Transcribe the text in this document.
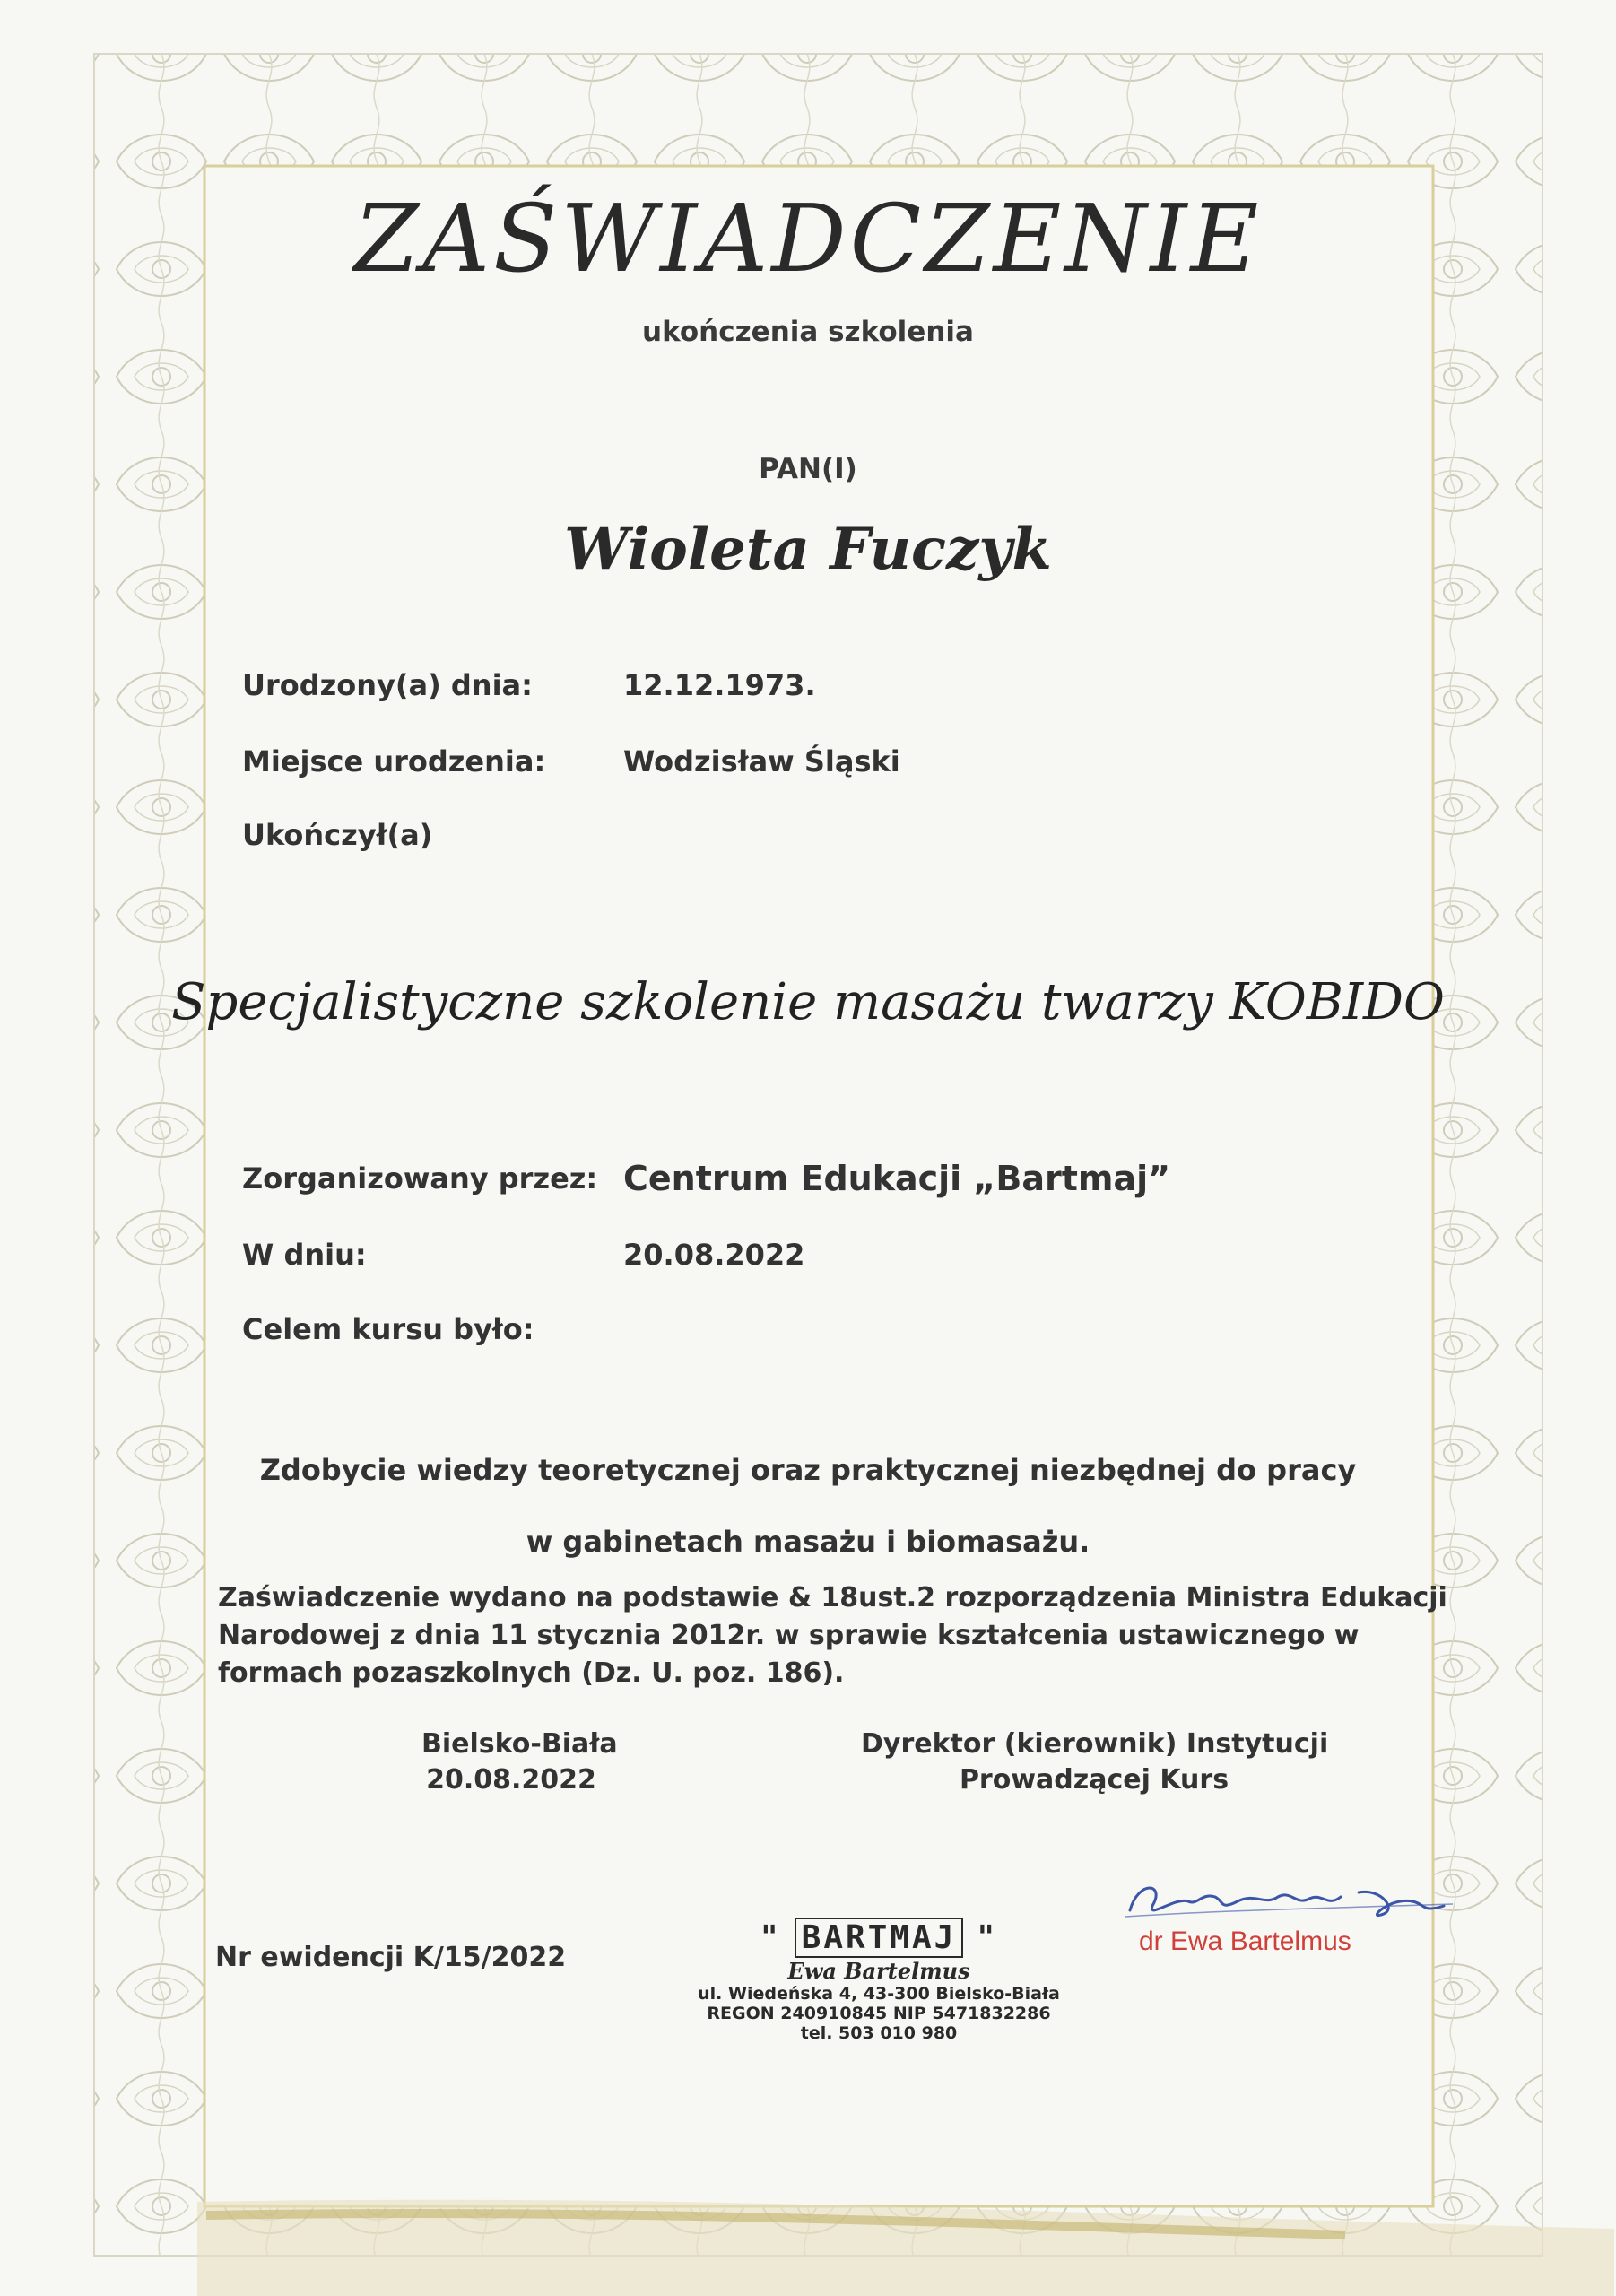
ZAŚWIADCZENIE
ukończenia szkolenia
PAN(I)
Wioleta Fuczyk
Urodzony(a) dnia:	12.12.1973.
Miejsce urodzenia:	Wodzisław Śląski
Ukończył(a)
Specjalistyczne szkolenie masażu twarzy KOBIDO
Zorganizowany przez: Centrum Edukacji „Bartmaj”
W dniu:	20.08.2022
Celem kursu było:
Zdobycie wiedzy teoretycznej oraz praktycznej niezbędnej do pracy
w gabinetach masażu i biomasażu.
Zaświadczenie wydano na podstawie & 18ust.2 rozporządzenia Ministra Edukacji
Narodowej z dnia 11 stycznia 2012r. w sprawie kształcenia ustawicznego w
formach pozaszkolnych (Dz. U. poz. 186).
Bielsko-Biała
20.08.2022
Dyrektor (kierownik) Instytucji
Prowadzącej Kurs
dr Ewa Bartelmus
Nr ewidencji K/15/2022
" BARTMAJ "
Ewa Bartelmus
ul. Wiedeńska 4, 43-300 Bielsko-Biała
REGON 240910845 NIP 5471832286
tel. 503 010 980
